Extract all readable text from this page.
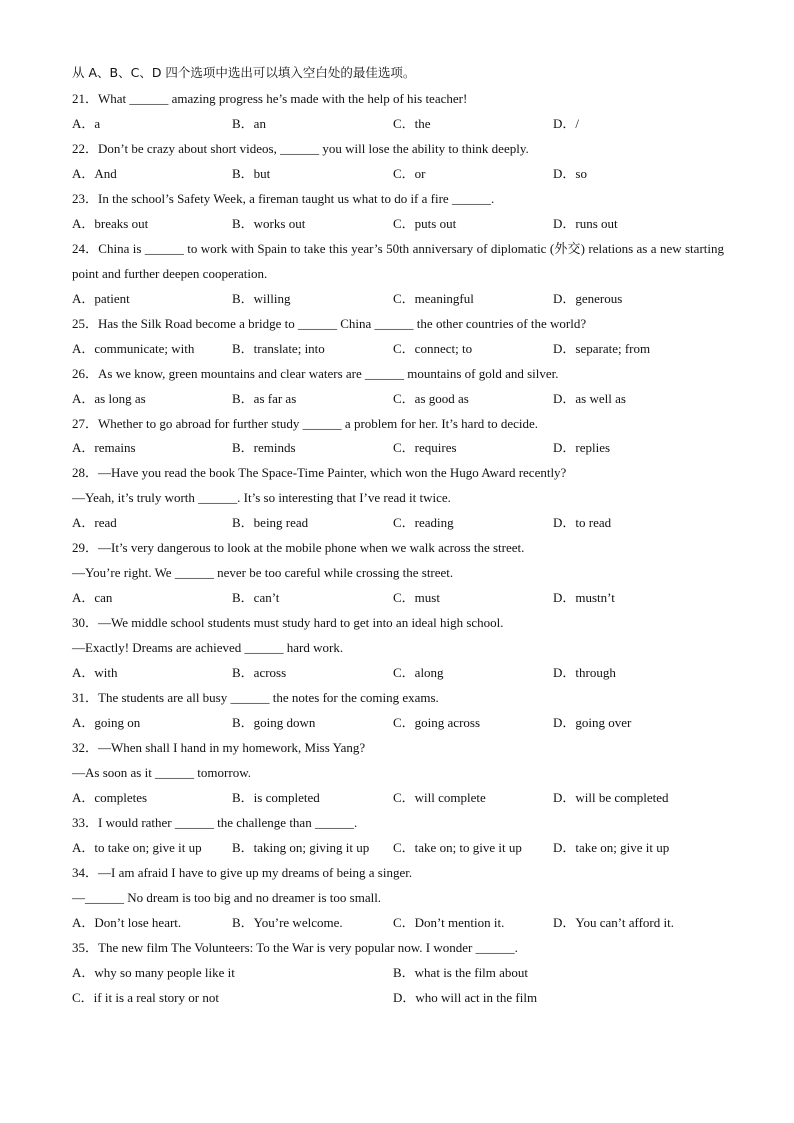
从 A、B、C、D 四个选项中选出可以填入空白处的最佳选项。
21．What ______ amazing progress he’s made with the help of his teacher!
A．a	B．an	C．the	D．/
22．Don’t be crazy about short videos, ______ you will lose the ability to think deeply.
A．And	B．but	C．or	D．so
23．In the school’s Safety Week, a fireman taught us what to do if a fire ______.
A．breaks out	B．works out	C．puts out	D．runs out
24．China is ______ to work with Spain to take this year’s 50th anniversary of diplomatic (外交) relations as a new starting point and further deepen cooperation.
A．patient	B．willing	C．meaningful	D．generous
25．Has the Silk Road become a bridge to ______ China ______ the other countries of the world?
A．communicate; with	B．translate; into	C．connect; to	D．separate; from
26．As we know, green mountains and clear waters are ______ mountains of gold and silver.
A．as long as	B．as far as	C．as good as	D．as well as
27．Whether to go abroad for further study ______ a problem for her. It’s hard to decide.
A．remains	B．reminds	C．requires	D．replies
28．—Have you read the book The Space-Time Painter, which won the Hugo Award recently?
—Yeah, it’s truly worth ______. It’s so interesting that I’ve read it twice.
A．read	B．being read	C．reading	D．to read
29．—It’s very dangerous to look at the mobile phone when we walk across the street.
—You’re right. We ______ never be too careful while crossing the street.
A．can	B．can’t	C．must	D．mustn’t
30．—We middle school students must study hard to get into an ideal high school.
—Exactly! Dreams are achieved ______ hard work.
A．with	B．across	C．along	D．through
31．The students are all busy ______ the notes for the coming exams.
A．going on	B．going down	C．going across	D．going over
32．—When shall I hand in my homework, Miss Yang?
—As soon as it ______ tomorrow.
A．completes	B．is completed	C．will complete	D．will be completed
33．I would rather ______ the challenge than ______.
A．to take on; give it up B．taking on; giving it up C．take on; to give it up D．take on; give it up
34．—I am afraid I have to give up my dreams of being a singer.
—______ No dream is too big and no dreamer is too small.
A．Don’t lose heart.	B．You’re welcome.	C．Don’t mention it.	D．You can’t afford it.
35．The new film The Volunteers: To the War is very popular now. I wonder ______.
A．why so many people like it	B．what is the film about
C．if it is a real story or not	D．who will act in the film
